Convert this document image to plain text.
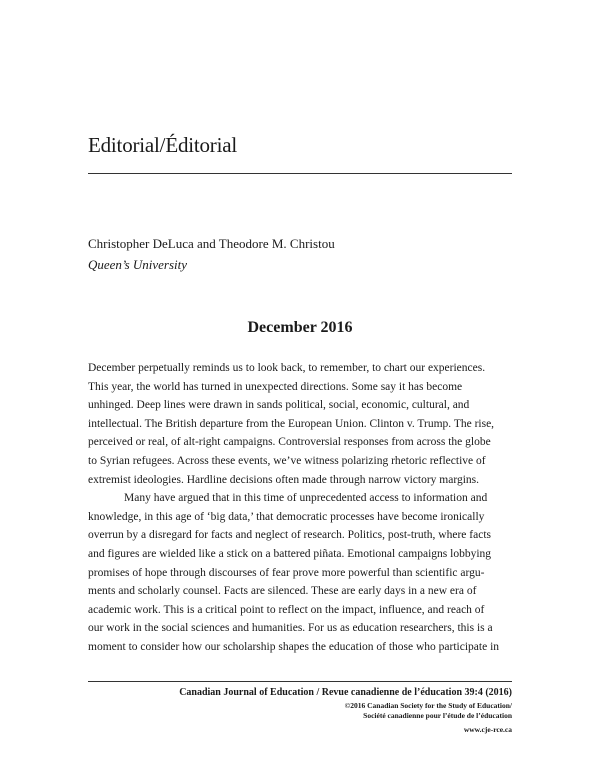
Editorial/Éditorial
Christopher DeLuca and Theodore M. Christou
Queen’s University
December 2016
December perpetually reminds us to look back, to remember, to chart our experiences.
This year, the world has turned in unexpected directions. Some say it has become
unhinged. Deep lines were drawn in sands political, social, economic, cultural, and
intellectual. The British departure from the European Union. Clinton v. Trump. The rise,
perceived or real, of alt-right campaigns. Controversial responses from across the globe
to Syrian refugees. Across these events, we’ve witness polarizing rhetoric reflective of
extremist ideologies. Hardline decisions often made through narrow victory margins.
Many have argued that in this time of unprecedented access to information and
knowledge, in this age of ‘big data,’ that democratic processes have become ironically
overrun by a disregard for facts and neglect of research. Politics, post-truth, where facts
and figures are wielded like a stick on a battered piñata. Emotional campaigns lobbying
promises of hope through discourses of fear prove more powerful than scientific argu-
ments and scholarly counsel. Facts are silenced. These are early days in a new era of
academic work. This is a critical point to reflect on the impact, influence, and reach of
our work in the social sciences and humanities. For us as education researchers, this is a
moment to consider how our scholarship shapes the education of those who participate in
Canadian Journal of Education / Revue canadienne de l’éducation 39:4 (2016)
©2016 Canadian Society for the Study of Education/
Société canadienne pour l’étude de l’éducation
www.cje-rce.ca
